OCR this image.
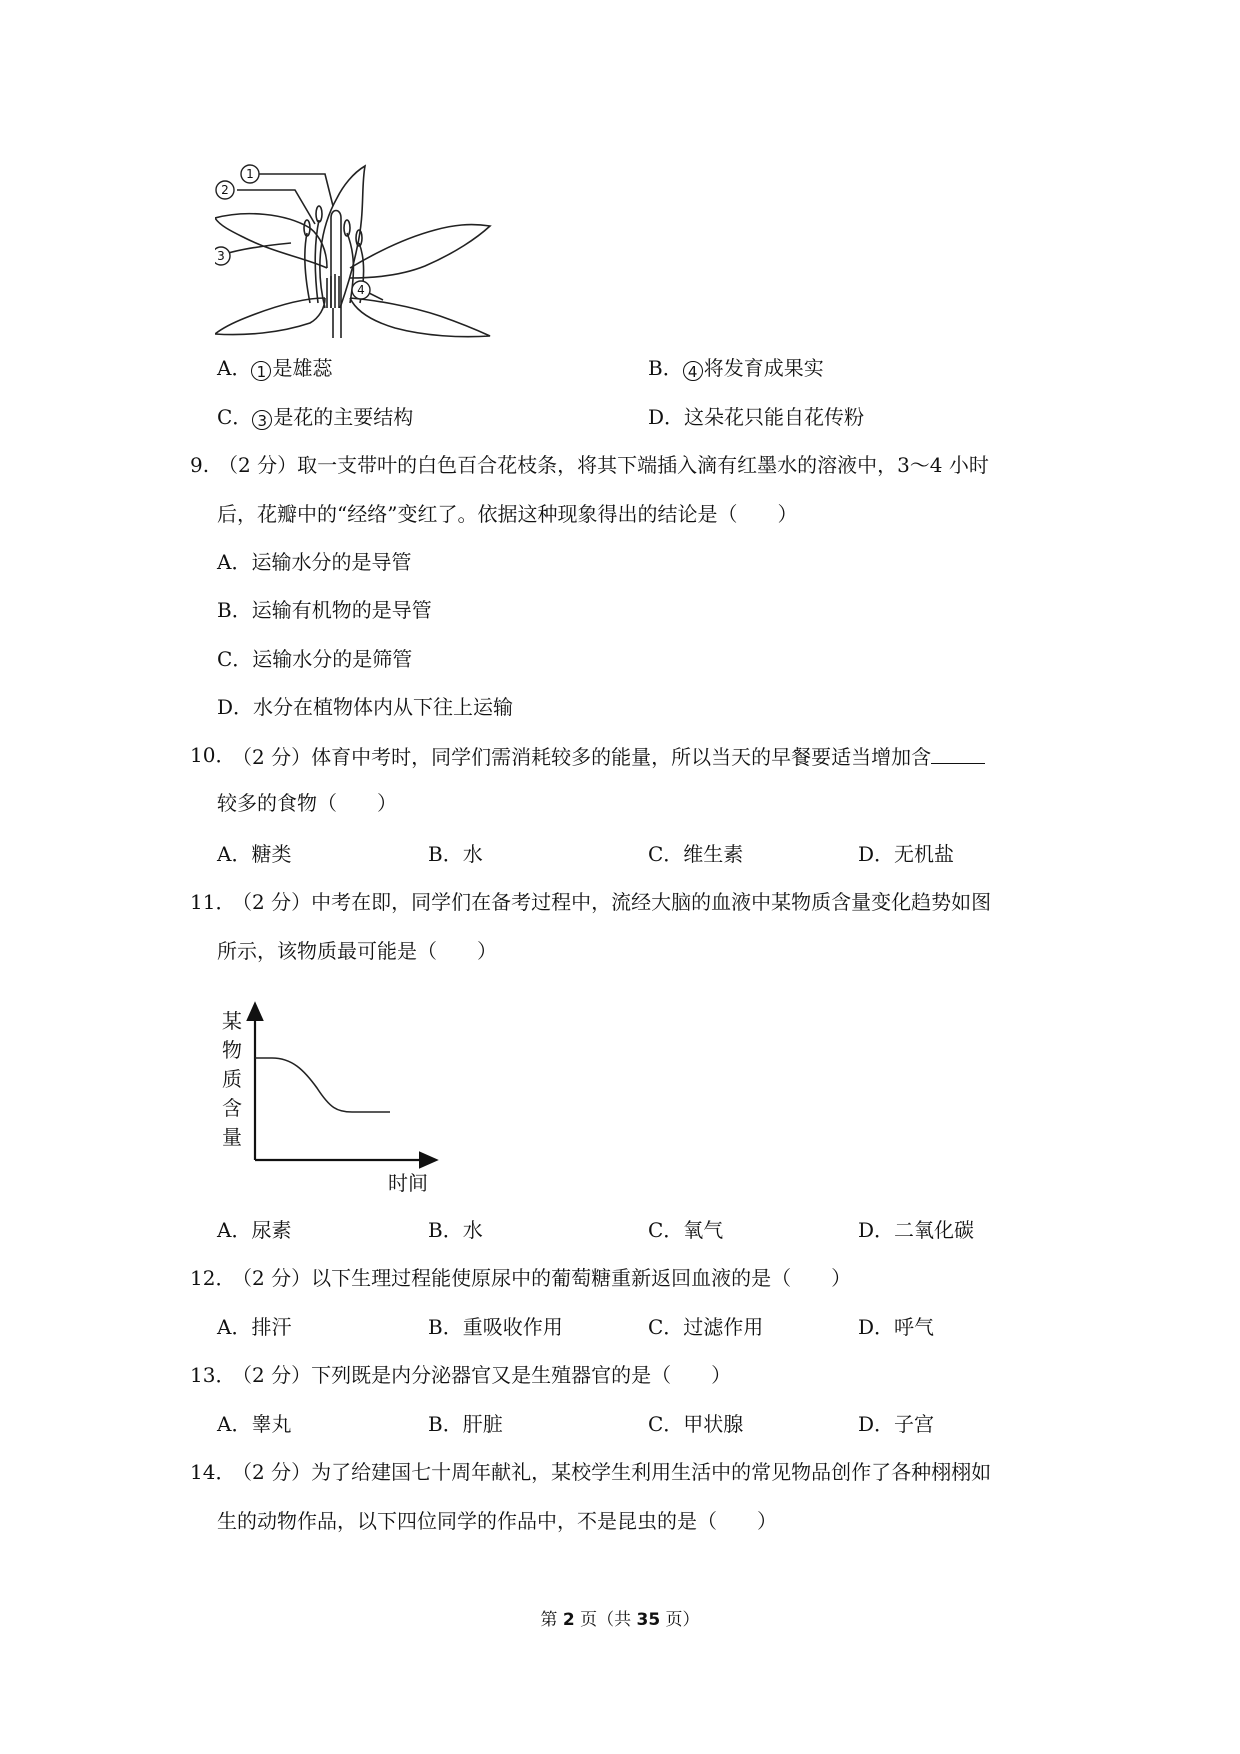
1
2
3
4
A． 1 是雄蕊	B． 4 将发育成果实
C． 3 是花的主要结构	D．这朵花只能自花传粉
9. （2 分）取一支带叶的白色百合花枝条，将其下端插入滴有红墨水的溶液中，3～4 小时
后，花瓣中的“经络”变红了。依据这种现象得出的结论是（　　）
A．运输水分的是导管
B．运输有机物的是导管
C．运输水分的是筛管
D．水分在植物体内从下往上运输
10．
（2 分）体育中考时，同学们需消耗较多的能量，所以当天的早餐要适当增加含
较多的食物（　　）
A．糖类	B．水	C．维生素	D．无机盐
11．
（2 分）中考在即，同学们在备考过程中，流经大脑的血液中某物质含量变化趋势如图
所示，该物质最可能是（　　）
某
物
质
含
量
时间
A．尿素	B．水	C．氧气	D．二氧化碳
12．
（2 分）以下生理过程能使原尿中的葡萄糖重新返回血液的是（　　）
A．排汗	B．重吸收作用	C．过滤作用	D．呼气
13．
（2 分）下列既是内分泌器官又是生殖器官的是（　　）
A．睾丸	B．肝脏	C．甲状腺	D．子宫
14．
（2 分）为了给建国七十周年献礼，某校学生利用生活中的常见物品创作了各种栩栩如
生的动物作品，以下四位同学的作品中，不是昆虫的是（　　）
第 2 页（共 35 页）
